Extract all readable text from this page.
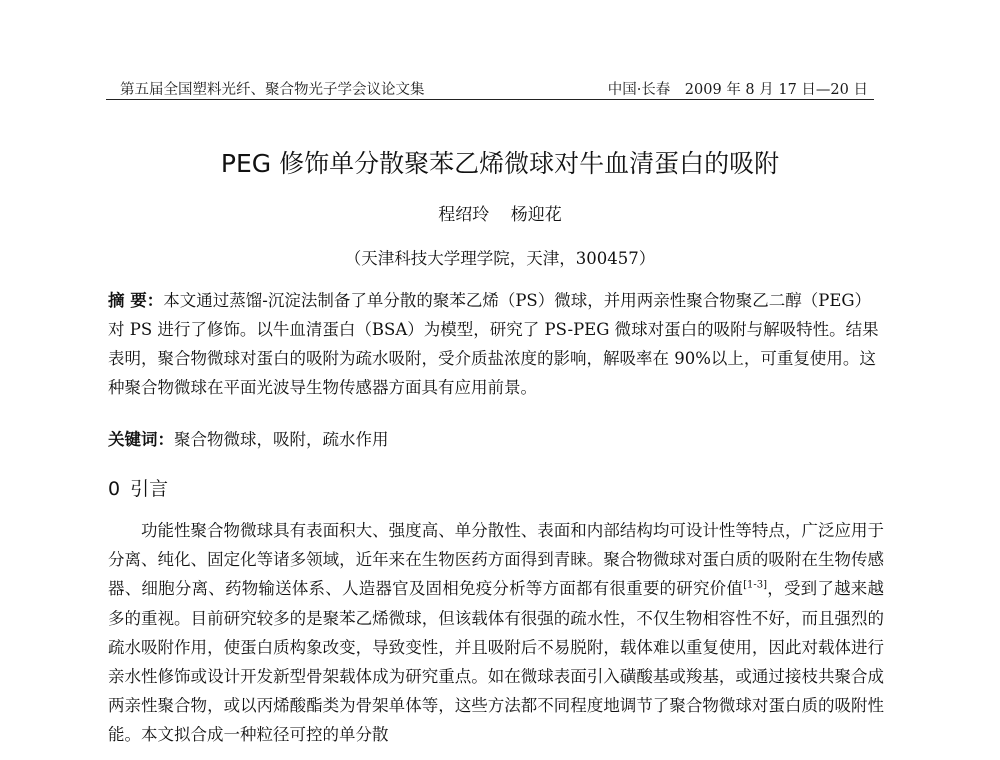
第五届全国塑料光纤、聚合物光子学会议论文集	中国·长春　2009 年 8 月 17 日—20 日
PEG 修饰单分散聚苯乙烯微球对牛血清蛋白的吸附
程绍玲 杨迎花
（天津科技大学理学院，天津，300457）
摘 要：本文通过蒸馏-沉淀法制备了单分散的聚苯乙烯（PS）微球，并用两亲性聚合物聚乙二醇（PEG）对 PS 进行了修饰。以牛血清蛋白（BSA）为模型，研究了 PS-PEG 微球对蛋白的吸附与解吸特性。结果表明，聚合物微球对蛋白的吸附为疏水吸附，受介质盐浓度的影响，解吸率在 90%以上，可重复使用。这种聚合物微球在平面光波导生物传感器方面具有应用前景。
关键词：聚合物微球，吸附，疏水作用
0 引言
功能性聚合物微球具有表面积大、强度高、单分散性、表面和内部结构均可设计性等特点，广泛应用于分离、纯化、固定化等诸多领域，近年来在生物医药方面得到青睐。聚合物微球对蛋白质的吸附在生物传感器、细胞分离、药物输送体系、人造器官及固相免疫分析等方面都有很重要的研究价值[1-3]，受到了越来越多的重视。目前研究较多的是聚苯乙烯微球，但该载体有很强的疏水性，不仅生物相容性不好，而且强烈的疏水吸附作用，使蛋白质构象改变，导致变性，并且吸附后不易脱附，载体难以重复使用，因此对载体进行亲水性修饰或设计开发新型骨架载体成为研究重点。如在微球表面引入磺酸基或羧基，或通过接枝共聚合成两亲性聚合物，或以丙烯酸酯类为骨架单体等，这些方法都不同程度地调节了聚合物微球对蛋白质的吸附性能。本文拟合成一种粒径可控的单分散
